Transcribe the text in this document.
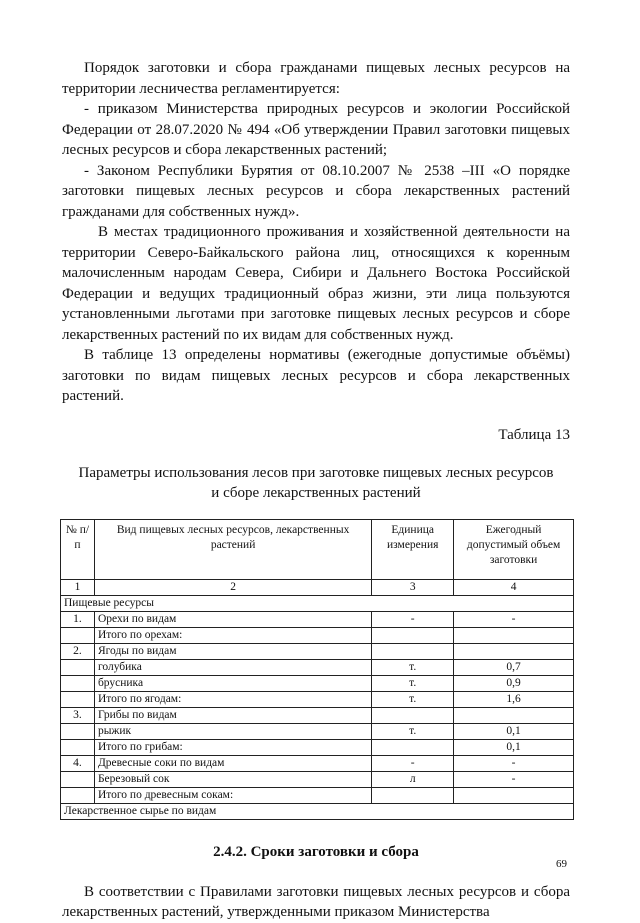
Порядок заготовки и сбора гражданами пищевых лесных ресурсов на территории лесничества регламентируется:

- приказом Министерства природных ресурсов и экологии Российской Федерации от 28.07.2020 № 494 «Об утверждении Правил заготовки пищевых лесных ресурсов и сбора лекарственных растений;

- Законом Республики Бурятия от 08.10.2007 № 2538 –III «О порядке заготовки пищевых лесных ресурсов и сбора лекарственных растений гражданами для собственных нужд».

В местах традиционного проживания и хозяйственной деятельности на территории Северо-Байкальского района лиц, относящихся к коренным малочисленным народам Севера, Сибири и Дальнего Востока Российской Федерации и ведущих традиционный образ жизни, эти лица пользуются установленными льготами при заготовке пищевых лесных ресурсов и сборе лекарственных растений по их видам для собственных нужд.

В таблице 13 определены нормативы (ежегодные допустимые объёмы) заготовки по видам пищевых лесных ресурсов и сбора лекарственных растений.

Таблица 13
Параметры использования лесов при заготовке пищевых лесных ресурсов
и сборе лекарственных растений
№ п/п	Вид пищевых лесных ресурсов, лекарственных растений	Единица измерения	Ежегодный допустимый объем заготовки
1	2	3	4
Пищевые ресурсы			
1.	Орехи по видам	-	-
	Итого по орехам:		
2.	Ягоды по видам		
	голубика	т.	0,7
	брусника	т.	0,9
	Итого по ягодам:	т.	1,6
3.	Грибы по видам		
	рыжик	т.	0,1
	Итого по грибам:		0,1
4.	Древесные соки по видам	-	-
	Березовый сок	л	-
	Итого по древесным сокам:		
Лекарственное сырье по видам			
2.4.2. Сроки заготовки и сбора

В соответствии с Правилами заготовки пищевых лесных ресурсов и сбора лекарственных растений, утвержденными приказом Министерства

69
